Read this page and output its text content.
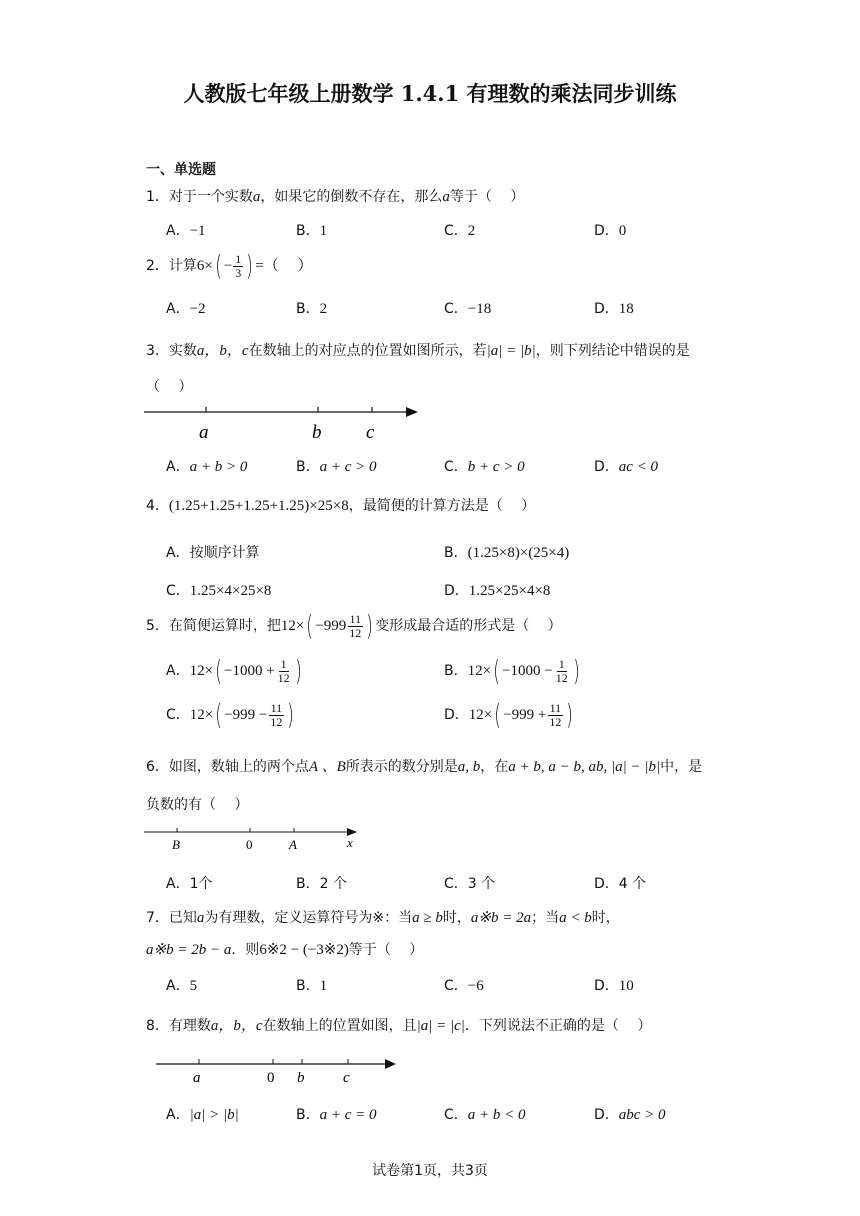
人教版七年级上册数学 1.4.1 有理数的乘法同步训练
一、单选题
1．对于一个实数a，如果它的倒数不存在，那么a等于（　 ）
A．−1	B．1	C．2	D．0
2．计算$6\times( - \frac{1}{3}$ ) =（　 ）
A．−2	B．2	C．−18	D．18
3．实数a，b，c在数轴上的对应点的位置如图所示，若|a| = |b|，则下列结论中错误的是
（　 ）
a	b c
A．a + b > 0	B．a + c > 0	C．b + c > 0	D．ac < 0
4．(1.25+1.25+1.25+1.25)×25×8，最简便的计算方法是（　 ）
A．按顺序计算	B．(1.25×8)×(25×4)
C．1.25×4×25×8	D．1.25×25×4×8
5．在简便运算时，把$12\times( -999 \frac{11}{12}$ ) 变形成最合适的形式是（　 ）
A．$12\times( -1000 + \frac{1}{12}$ )	B．$12\times( -1000 - \frac{1}{12}$ )
C．$12\times( -999 - \frac{11}{12}$ )	D．$12\times( -999 + \frac{11}{12}$ )
6．如图，数轴上的两个点A 、B所表示的数分别是a, b，在a + b, a − b, ab, |a| − |b|中，是
负数的有（　 ）
B	0	A	x
A．1个	B．2 个	C．3 个	D．4 个
7．已知a为有理数，定义运算符号为※：当a ≥ b时，a※b = 2a；当a < b时，
a※b = 2b − a．则6※2 − (−3※2)等于（　 ）
A．5	B．1	C．−6	D．10
8．有理数a，b，c在数轴上的位置如图，且|a| = |c|．下列说法不正确的是（　 ）
a	0 b	c
A．|a| > |b|	B．a + c = 0	C．a + b < 0	D．abc > 0
试卷第1页，共3页
